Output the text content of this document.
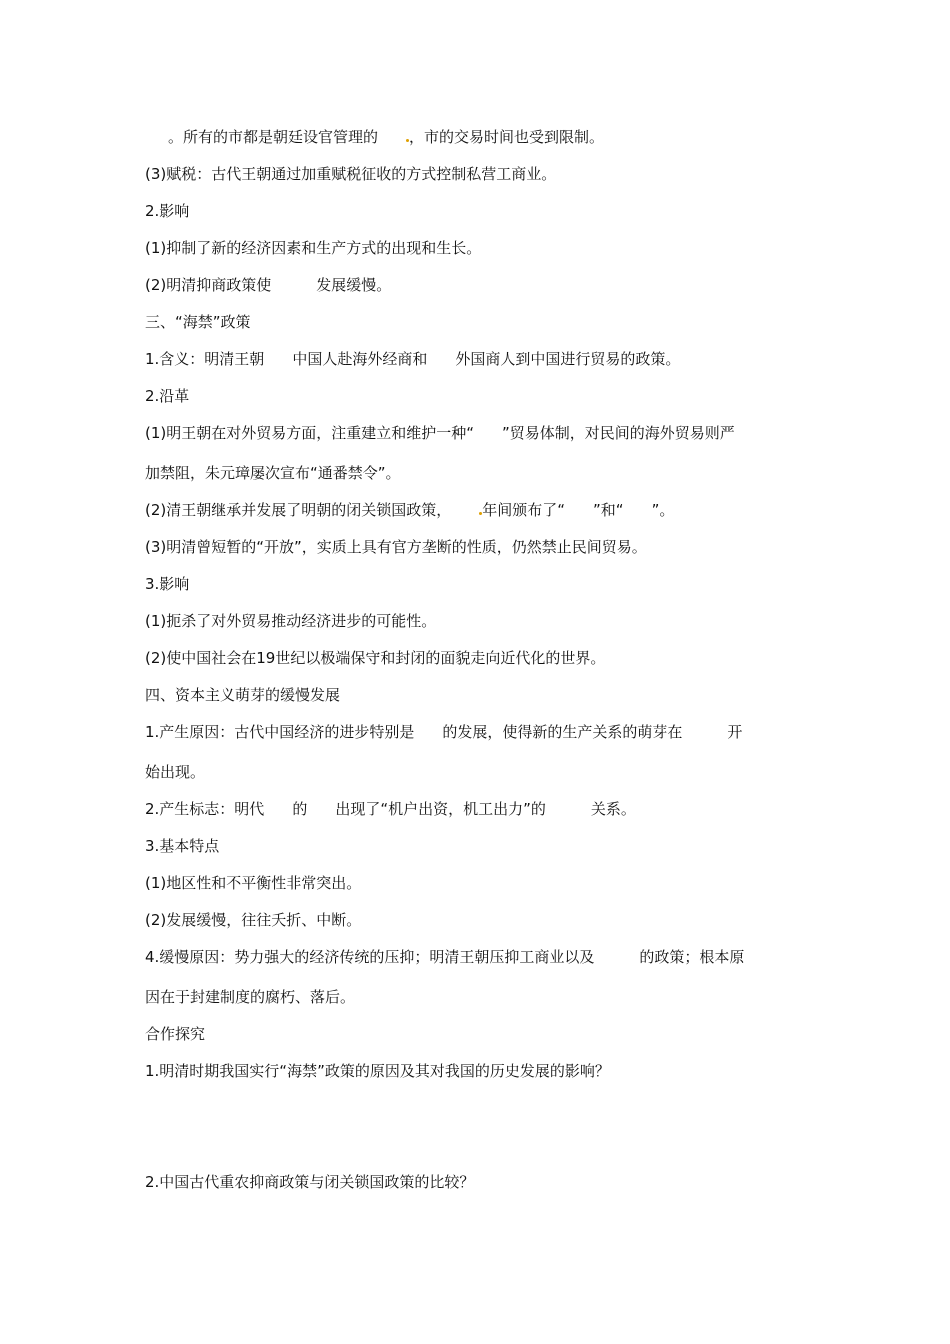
。所有的市都是朝廷设官管理的 ，市的交易时间也受到限制。
(3)赋税：古代王朝通过加重赋税征收的方式控制私营工商业。
2.影响
(1)抑制了新的经济因素和生产方式的出现和生长。
(2)明清抑商政策使	发展缓慢。
三、“海禁”政策
1.含义：明清王朝 中国人赴海外经商和 外国商人到中国进行贸易的政策。
2.沿革
(1)明王朝在对外贸易方面，注重建立和维护一种“ ”贸易体制，对民间的海外贸易则严
加禁阻，朱元璋屡次宣布“通番禁令”。
(2)清王朝继承并发展了明朝的闭关锁国政策， 年间颁布了“ ”和“ ”。
(3)明清曾短暂的“开放”，实质上具有官方垄断的性质，仍然禁止民间贸易。
3.影响
(1)扼杀了对外贸易推动经济进步的可能性。
(2)使中国社会在19世纪以极端保守和封闭的面貌走向近代化的世界。
四、资本主义萌芽的缓慢发展
1.产生原因：古代中国经济的进步特别是 的发展，使得新的生产关系的萌芽在	开
始出现。
2.产生标志：明代 的 出现了“机户出资，机工出力”的	关系。
3.基本特点
(1)地区性和不平衡性非常突出。
(2)发展缓慢，往往夭折、中断。
4.缓慢原因：势力强大的经济传统的压抑；明清王朝压抑工商业以及	的政策；根本原
因在于封建制度的腐朽、落后。
合作探究
1.明清时期我国实行“海禁”政策的原因及其对我国的历史发展的影响？
2.中国古代重农抑商政策与闭关锁国政策的比较？
